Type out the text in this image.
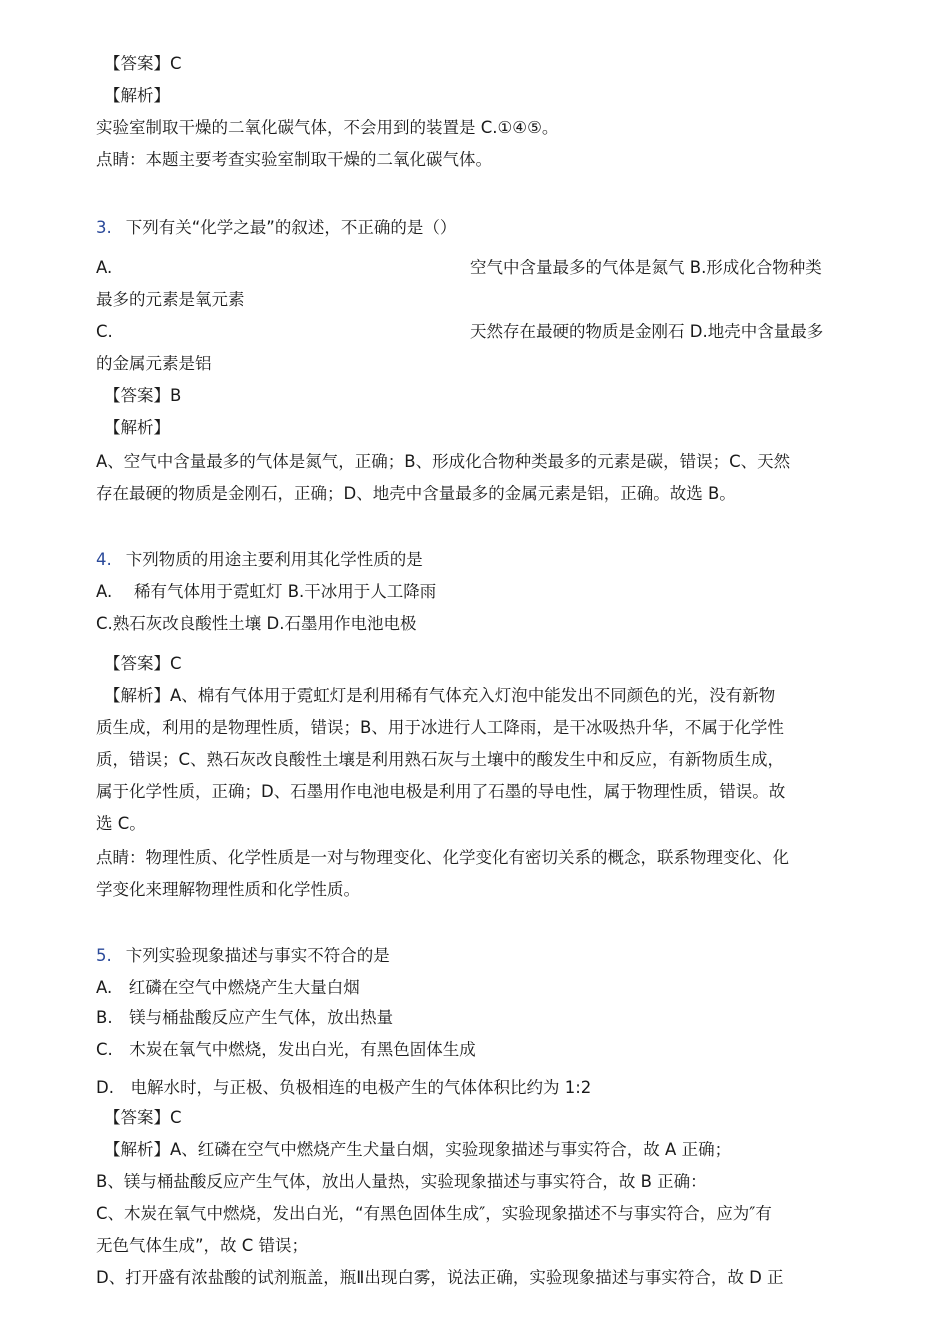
【答案】C
【解析】
实验室制取干燥的二氧化碳气体，不会用到的装置是 C.①④⑤。
点睛：本题主要考查实验室制取干燥的二氧化碳气体。
3. 下列有关“化学之最”的叙述，不正确的是（）
A.	空气中含量最多的气体是氮气 B.形成化合物种类
最多的元素是氧元素
C.	天然存在最硬的物质是金刚石 D.地壳中含量最多
的金属元素是铝
【答案】B
【解析】
A、空气中含量最多的气体是氮气，正确；B、形成化合物种类最多的元素是碳，错误；C、天然
存在最硬的物质是金刚石，正确；D、地壳中含量最多的金属元素是铝，正确。故选 B。
4. 卞列物质的用途主要利用其化学性质的是
A.　 稀有气体用于霓虹灯 B.干冰用于人工降雨
C.熟石灰改良酸性土壤 D.石墨用作电池电极
【答案】C
【解析】A、棉有气体用于霓虹灯是利用稀有气体充入灯泡中能发出不同颜色的光，没有新物
质生成，利用的是物理性质，错误；B、用于冰进行人工降雨，是干冰吸热升华，不属于化学性
质，错误；C、熟石灰改良酸性土壤是利用熟石灰与土壤中的酸发生中和反应，有新物质生成，
属于化学性质，正确；D、石墨用作电池电极是利用了石墨的导电性，属于物理性质，错误。故
选 C。
点睛：物理性质、化学性质是一对与物理变化、化学变化有密切关系的概念，联系物理变化、化
学变化来理解物理性质和化学性质。
5. 卞列实验现象描述与事实不符合的是
A.　红磷在空气中燃烧产生大量白烟
B.　镁与桶盐酸反应产生气体，放出热量
C.　木炭在氧气中燃烧，发出白光，有黑色固体生成
D.　电解水时，与正极、负极相连的电极产生的气体体积比约为 1:2
【答案】C
【解析】A、红磷在空气中燃烧产生犬量白烟，实验现象描述与事实符合，故 A 正确；
B、镁与桶盐酸反应产生气体，放出人量热，实验现象描述与事实符合，故 B 正确：
C、木炭在氧气中燃烧，发出白光，“有黑色固体生成″，实验现象描述不与事实符合，应为″有
无色气体生成”，故 C 错误；
D、打开盛有浓盐酸的试剂瓶盖，瓶Ⅱ出现白雾，说法正确，实验现象描述与事实符合，故 D 正
